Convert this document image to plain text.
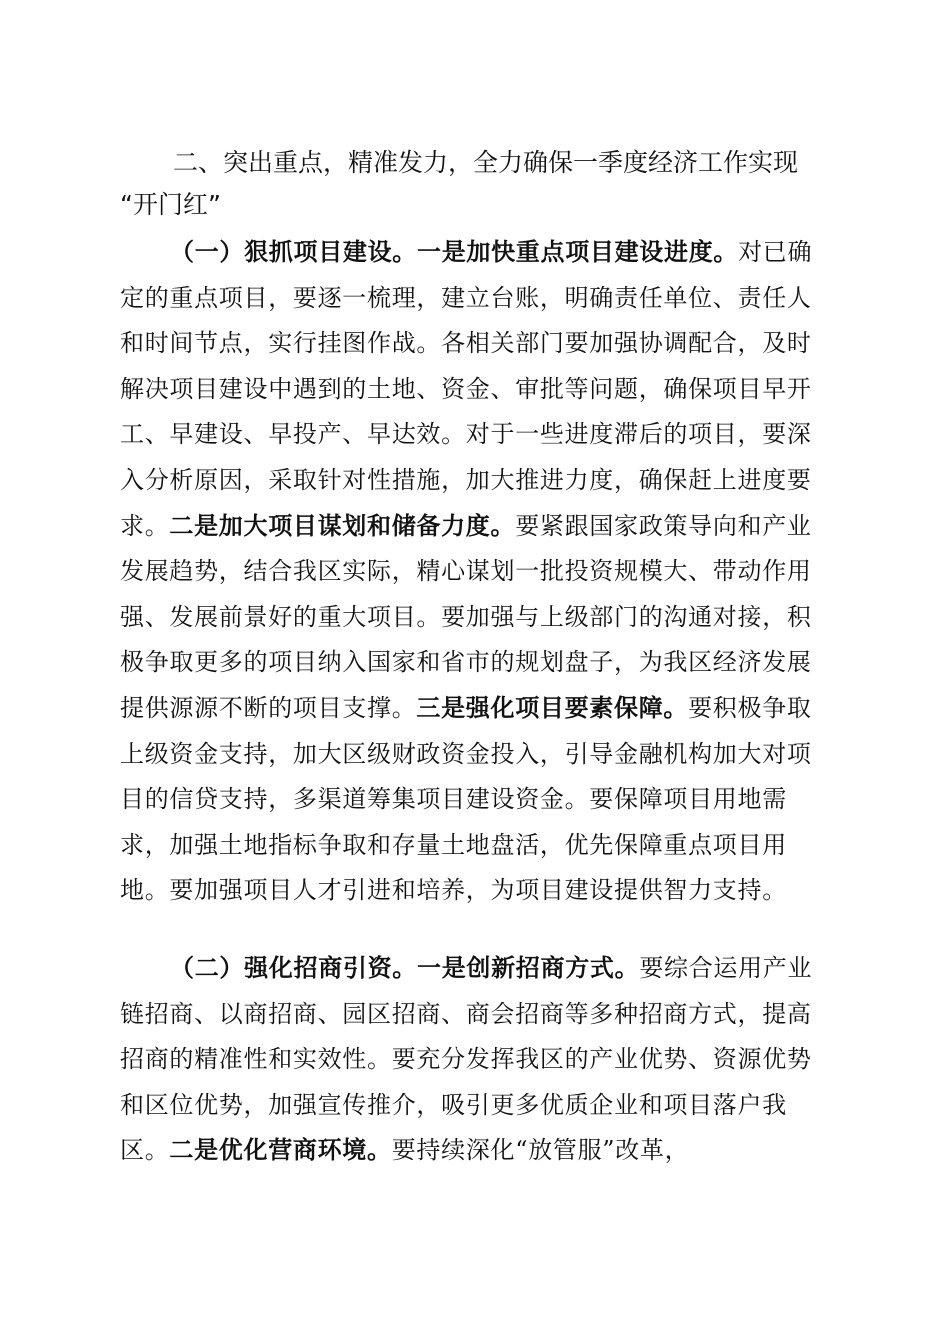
二、突出重点，精准发力，全力确保一季度经济工作实现
“开门红”

（一）狠抓项目建设。一是加快重点项目建设进度。对已确定的重点项目，要逐一梳理，建立台账，明确责任单位、责任人和时间节点，实行挂图作战。各相关部门要加强协调配合，及时解决项目建设中遇到的土地、资金、审批等问题，确保项目早开工、早建设、早投产、早达效。对于一些进度滞后的项目，要深入分析原因，采取针对性措施，加大推进力度，确保赶上进度要求。二是加大项目谋划和储备力度。要紧跟国家政策导向和产业发展趋势，结合我区实际，精心谋划一批投资规模大、带动作用强、发展前景好的重大项目。要加强与上级部门的沟通对接，积极争取更多的项目纳入国家和省市的规划盘子，为我区经济发展提供源源不断的项目支撑。三是强化项目要素保障。要积极争取上级资金支持，加大区级财政资金投入，引导金融机构加大对项目的信贷支持，多渠道筹集项目建设资金。要保障项目用地需求，加强土地指标争取和存量土地盘活，优先保障重点项目用地。要加强项目人才引进和培养，为项目建设提供智力支持。

（二）强化招商引资。一是创新招商方式。要综合运用产业链招商、以商招商、园区招商、商会招商等多种招商方式，提高招商的精准性和实效性。要充分发挥我区的产业优势、资源优势和区位优势，加强宣传推介，吸引更多优质企业和项目落户我区。二是优化营商环境。要持续深化“放管服”改革，
